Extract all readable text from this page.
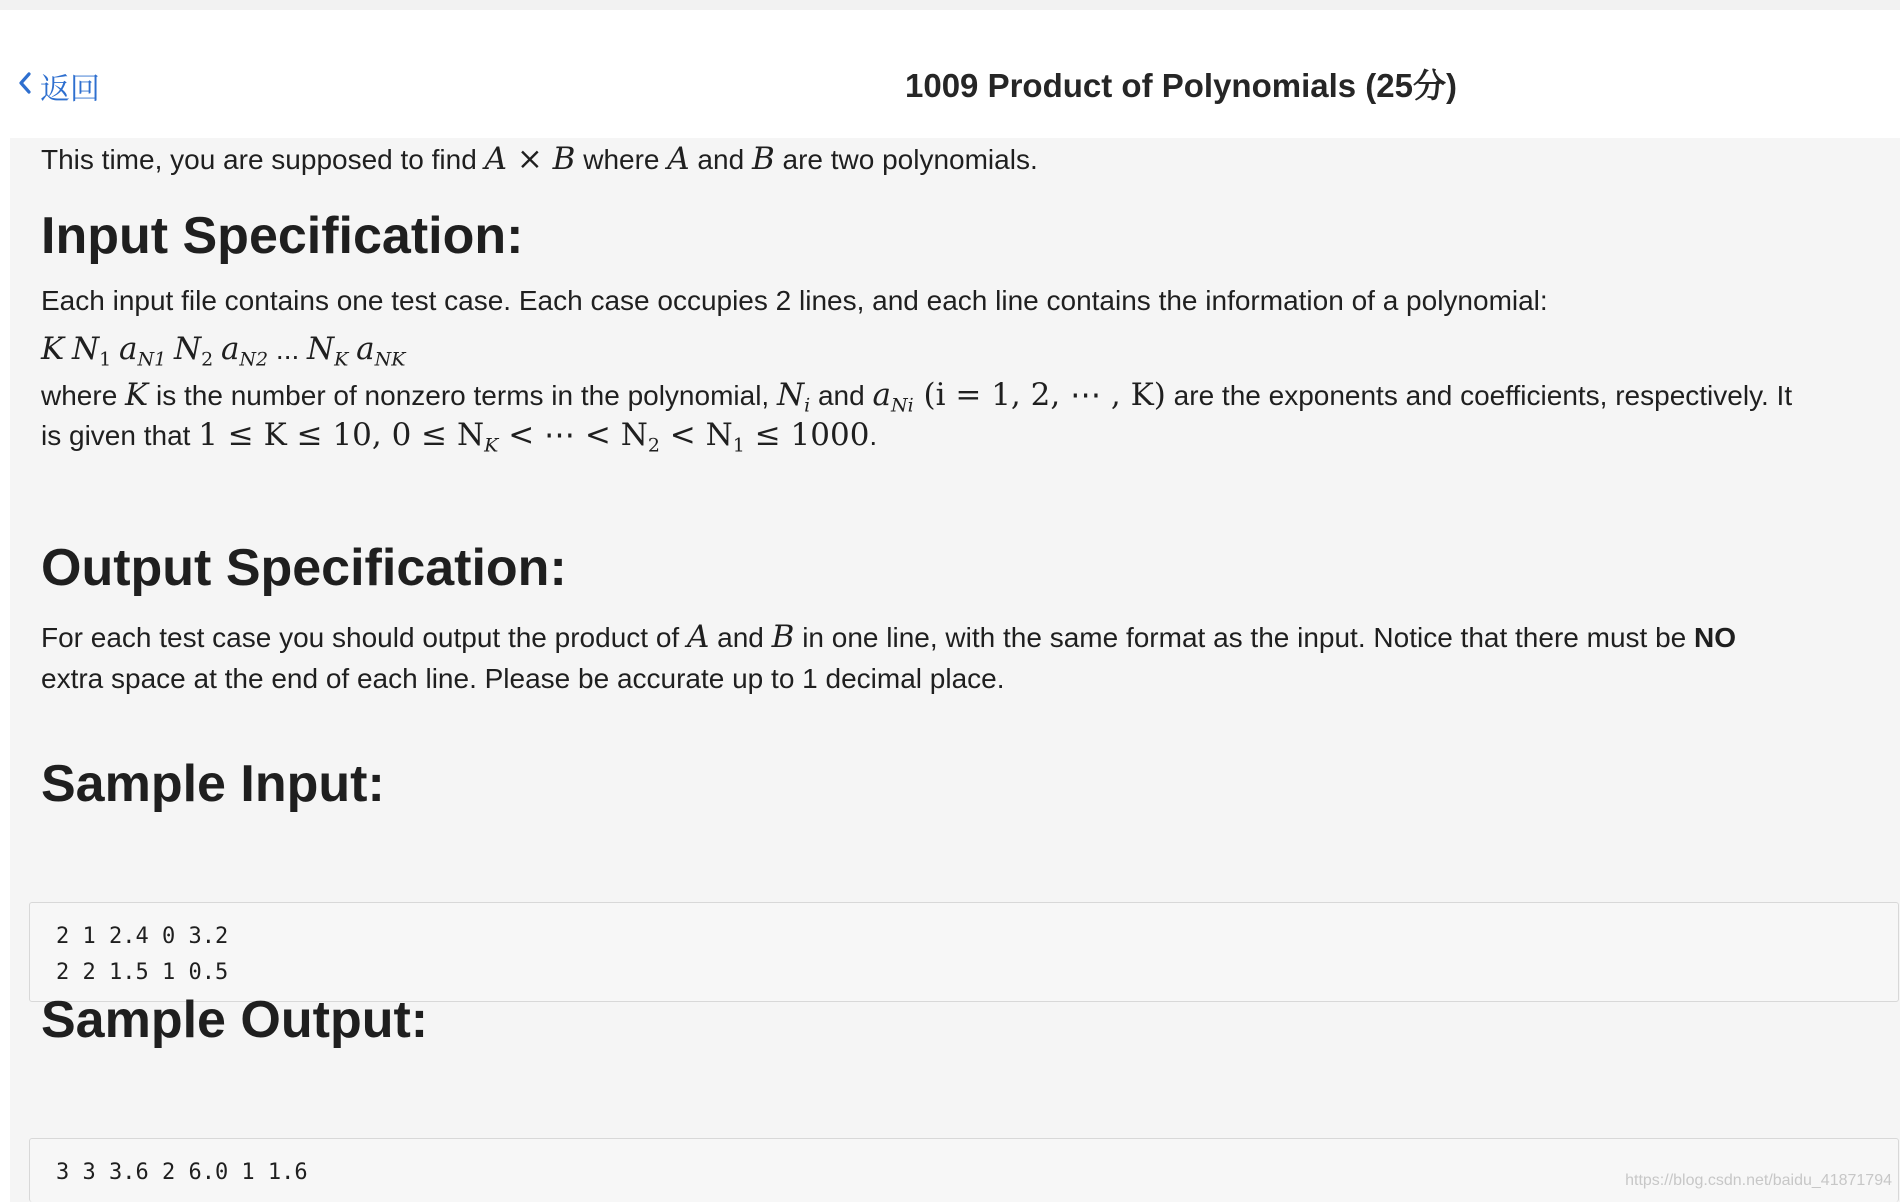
返回	1009 Product of Polynomials (25分)

This time, you are supposed to find A × B where A and B are two polynomials.

Input Specification:

Each input file contains one test case. Each case occupies 2 lines, and each line contains the information of a polynomial:

K $N_1$ $a_{N1}$ $N_2$ $a_{N2}$ ... $N_K$ $a_{NK}$

where K is the number of nonzero terms in the polynomial, $N_i$ and $a_{Ni}$ (i = 1, 2, ⋯ , K) are the exponents and coefficients, respectively. It

is given that 1 ≤ K ≤ 10, $0 \le N_K$ < ⋯ < $N_2 < N_1 \le 1000$.

Output Specification:

For each test case you should output the product of A and B in one line, with the same format as the input. Notice that there must be NO

extra space at the end of each line. Please be accurate up to 1 decimal place.

Sample Input:
2 1 2.4 0 3.2
2 2 1.5 1 0.5
Sample Output:
3 3 3.6 2 6.0 1 1.6	https://blog.csdn.net/baidu_41871794
